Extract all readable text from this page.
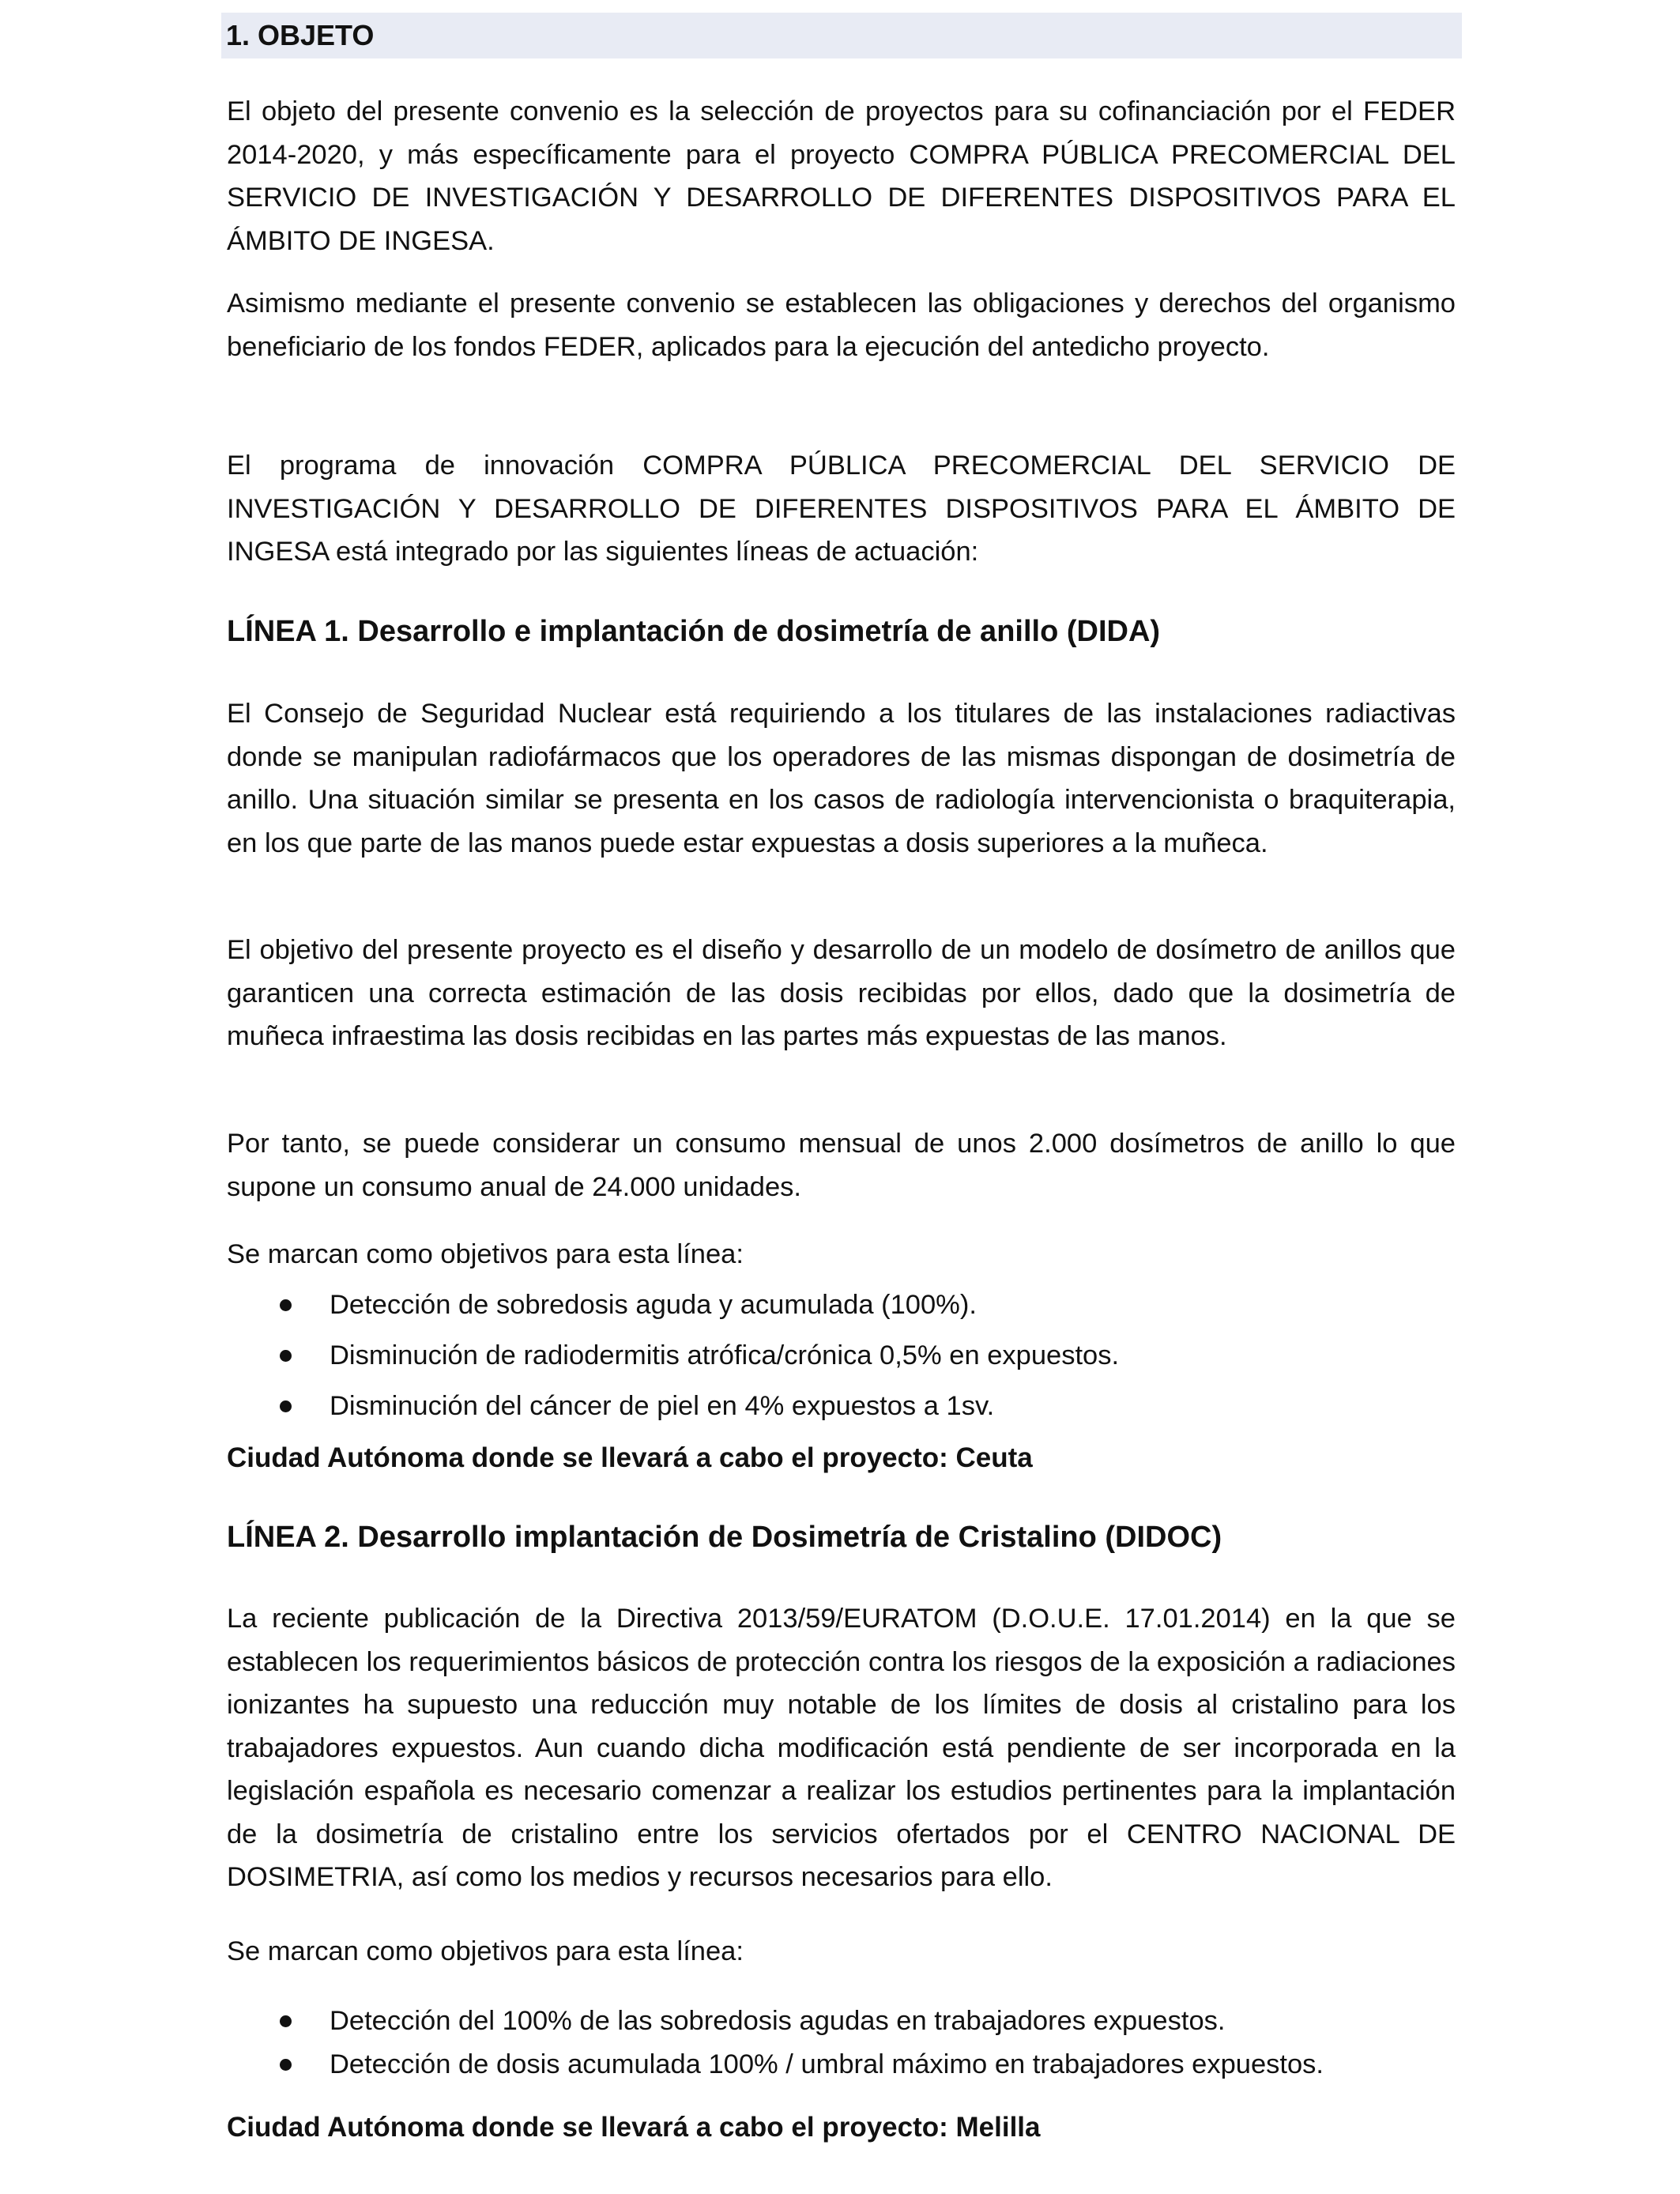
1. OBJETO

El objeto del presente convenio es la selección de proyectos para su cofinanciación por el FEDER 2014-2020, y más específicamente para el proyecto COMPRA PÚBLICA PRECOMERCIAL DEL SERVICIO DE INVESTIGACIÓN Y DESARROLLO DE DIFERENTES DISPOSITIVOS PARA EL ÁMBITO DE INGESA.

Asimismo mediante el presente convenio se establecen las obligaciones y derechos del organismo beneficiario de los fondos FEDER, aplicados para la ejecución del antedicho proyecto.

El programa de innovación COMPRA PÚBLICA PRECOMERCIAL DEL SERVICIO DE INVESTIGACIÓN Y DESARROLLO DE DIFERENTES DISPOSITIVOS PARA EL ÁMBITO DE INGESA está integrado por las siguientes líneas de actuación:

LÍNEA 1. Desarrollo e implantación de dosimetría de anillo (DIDA)

El Consejo de Seguridad Nuclear está requiriendo a los titulares de las instalaciones radiactivas donde se manipulan radiofármacos que los operadores de las mismas dispongan de dosimetría de anillo. Una situación similar se presenta en los casos de radiología intervencionista o braquiterapia, en los que parte de las manos puede estar expuestas a dosis superiores a la muñeca.

El objetivo del presente proyecto es el diseño y desarrollo de un modelo de dosímetro de anillos que garanticen una correcta estimación de las dosis recibidas por ellos, dado que la dosimetría de muñeca infraestima las dosis recibidas en las partes más expuestas de las manos.

Por tanto, se puede considerar un consumo mensual de unos 2.000 dosímetros de anillo lo que supone un consumo anual de 24.000 unidades.

Se marcan como objetivos para esta línea:

Detección de sobredosis aguda y acumulada (100%).
Disminución de radiodermitis atrófica/crónica 0,5% en expuestos.
Disminución del cáncer de piel en 4% expuestos a 1sv.

Ciudad Autónoma donde se llevará a cabo el proyecto: Ceuta

LÍNEA 2. Desarrollo implantación de Dosimetría de Cristalino (DIDOC)

La reciente publicación de la Directiva 2013/59/EURATOM (D.O.U.E. 17.01.2014) en la que se establecen los requerimientos básicos de protección contra los riesgos de la exposición a radiaciones ionizantes ha supuesto una reducción muy notable de los límites de dosis al cristalino para los trabajadores expuestos. Aun cuando dicha modificación está pendiente de ser incorporada en la legislación española es necesario comenzar a realizar los estudios pertinentes para la implantación de la dosimetría de cristalino entre los servicios ofertados por el CENTRO NACIONAL DE DOSIMETRIA, así como los medios y recursos necesarios para ello.

Se marcan como objetivos para esta línea:

Detección del 100% de las sobredosis agudas en trabajadores expuestos.
Detección de dosis acumulada 100% / umbral máximo en trabajadores expuestos.

Ciudad Autónoma donde se llevará a cabo el proyecto: Melilla
